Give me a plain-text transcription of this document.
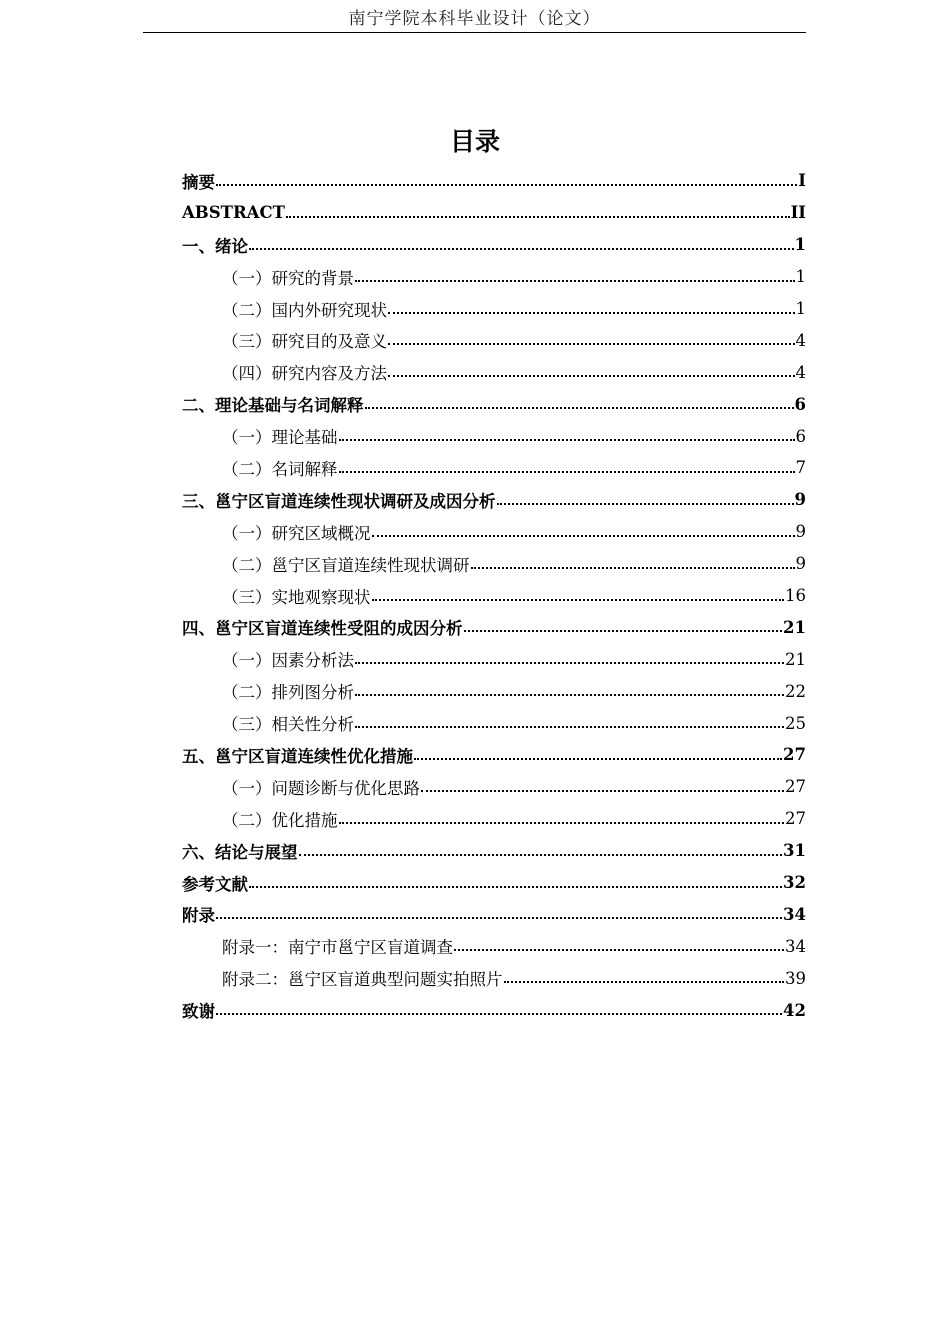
南宁学院本科毕业设计（论文）
目录
摘要	I
ABSTRACT	II
一、绪论	1
（一）研究的背景	1
（二）国内外研究现状	1
（三）研究目的及意义	4
（四）研究内容及方法	4
二、理论基础与名词解释	6
（一）理论基础	6
（二）名词解释	7
三、邕宁区盲道连续性现状调研及成因分析	9
（一）研究区域概况	9
（二）邕宁区盲道连续性现状调研	9
（三）实地观察现状	16
四、邕宁区盲道连续性受阻的成因分析	21
（一）因素分析法	21
（二）排列图分析	22
（三）相关性分析	25
五、邕宁区盲道连续性优化措施	27
（一）问题诊断与优化思路	27
（二）优化措施	27
六、结论与展望	31
参考文献	32
附录	34
附录一：南宁市邕宁区盲道调查	34
附录二：邕宁区盲道典型问题实拍照片	39
致谢	42
